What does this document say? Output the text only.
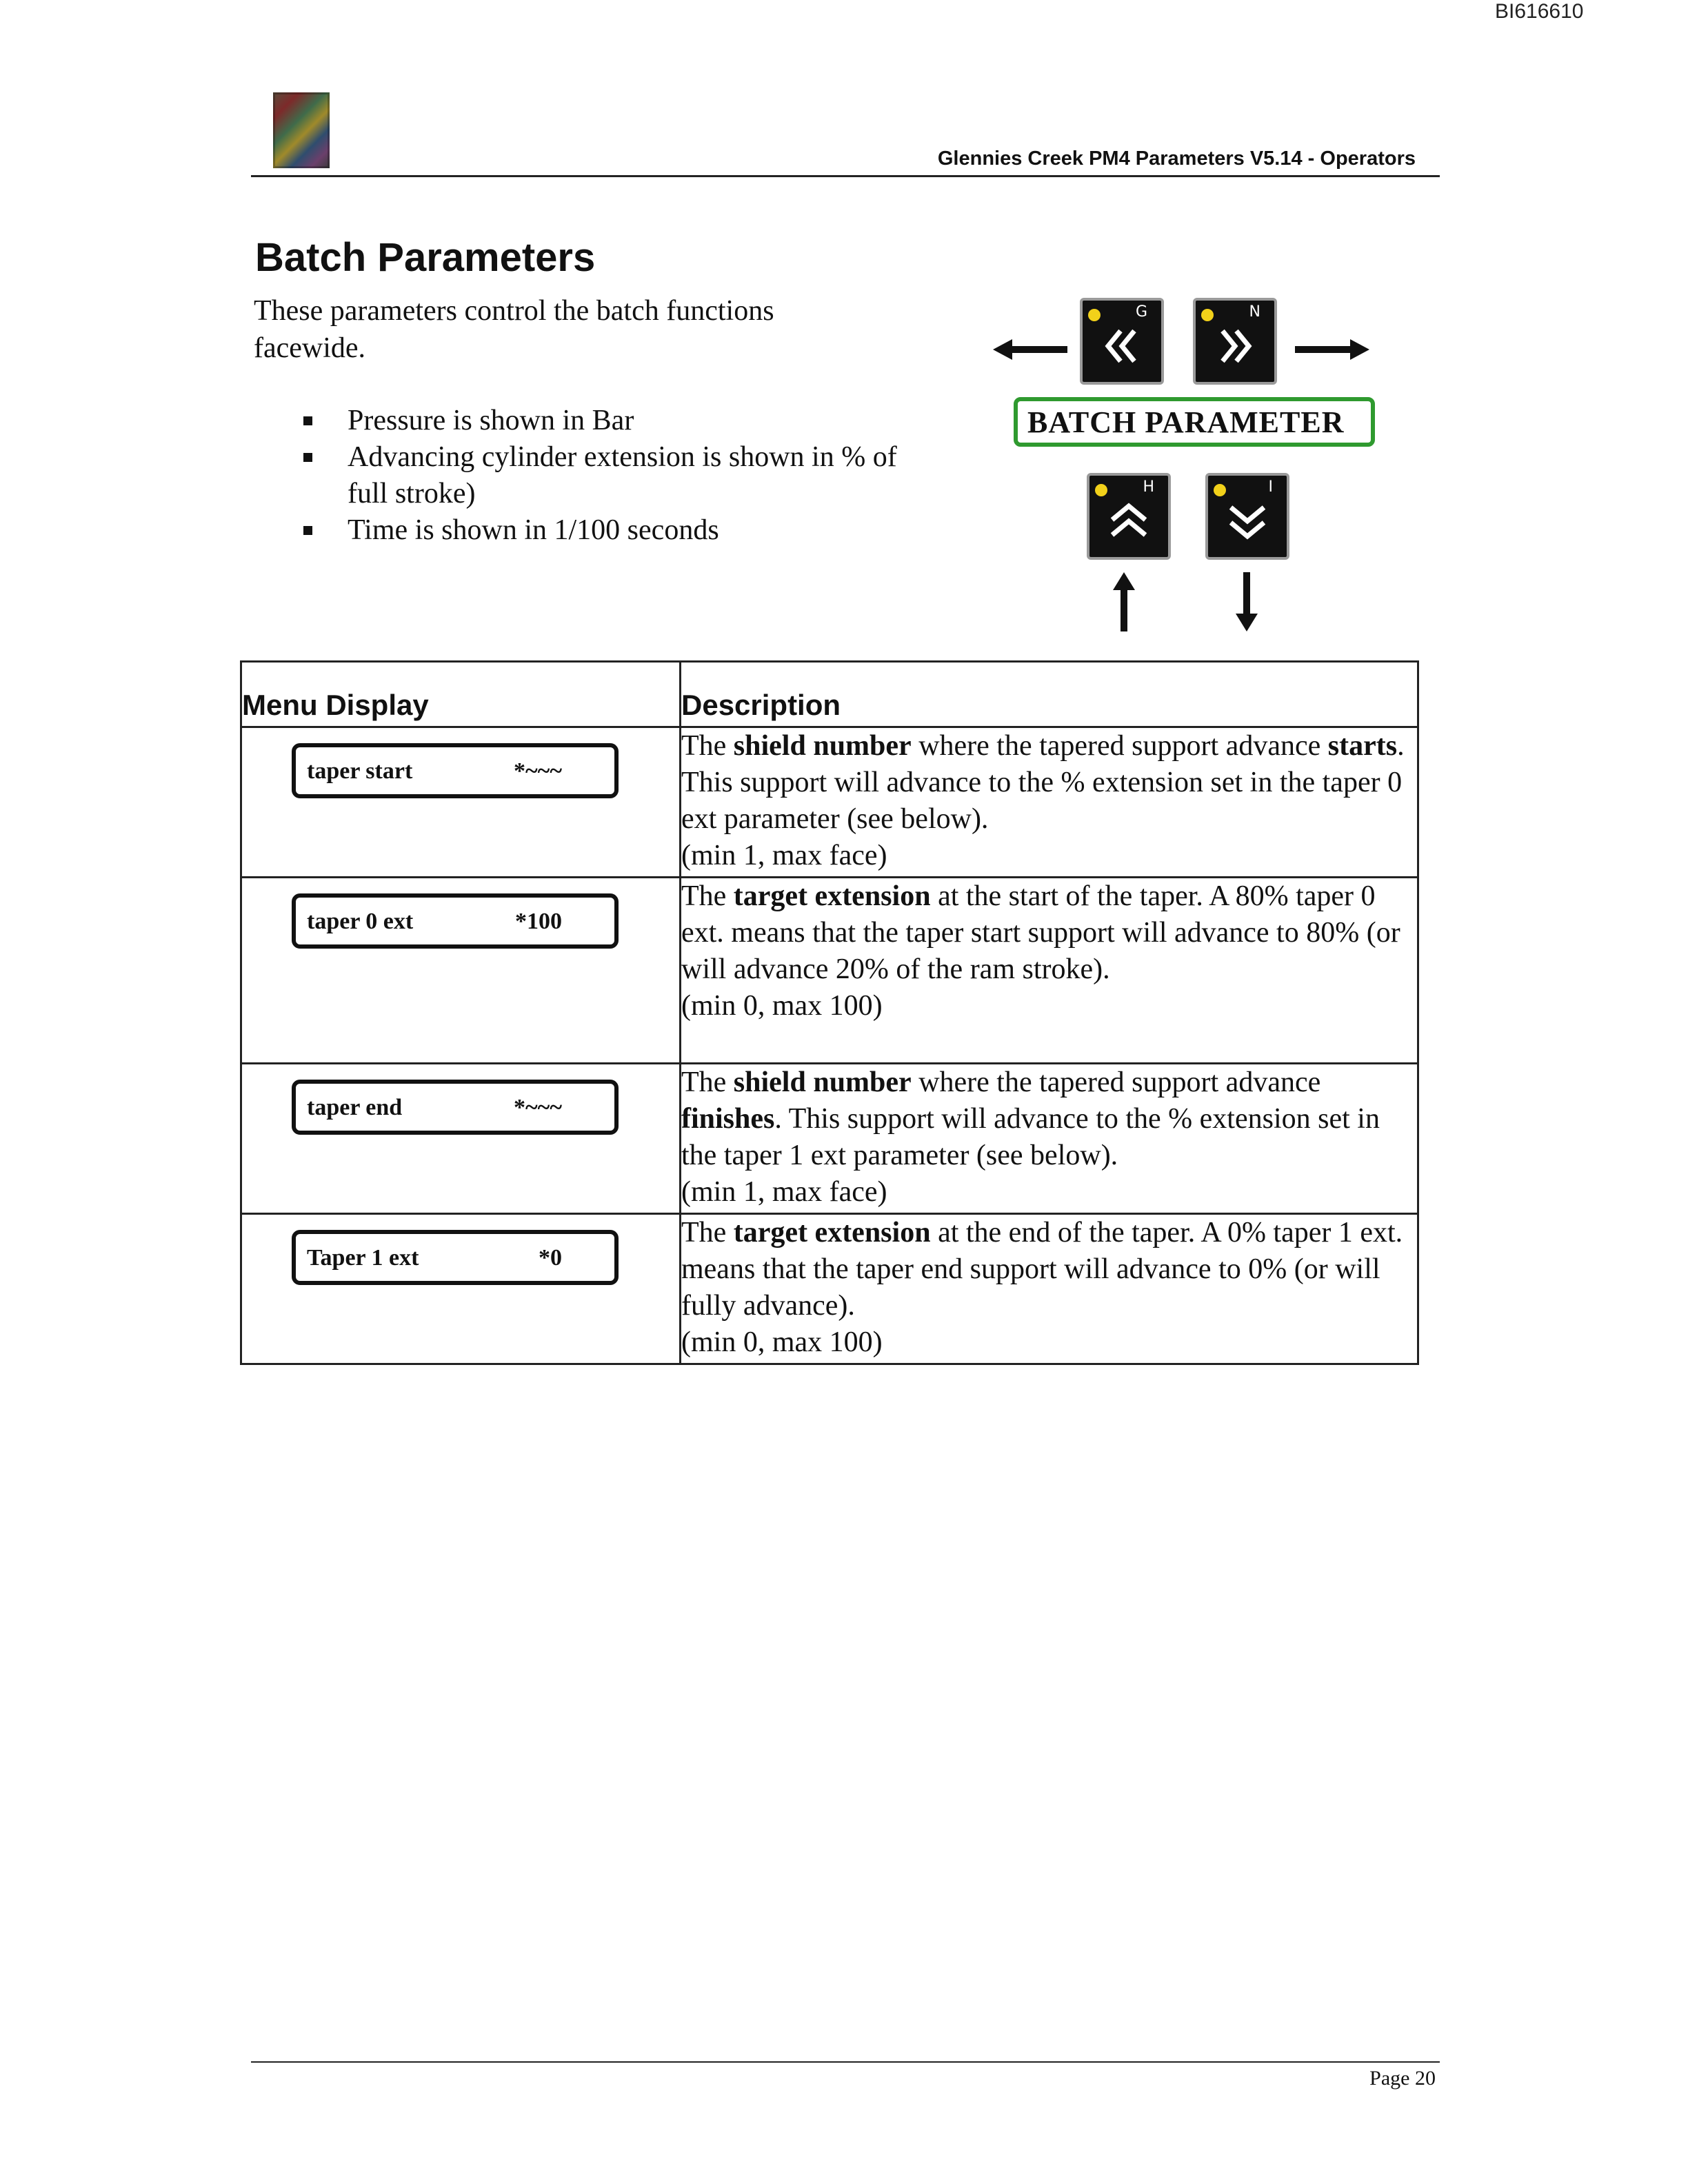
BI616610
Glennies Creek PM4 Parameters V5.14 - Operators
Batch Parameters
These parameters control the batch functions facewide.
Pressure is shown in Bar
Advancing cylinder extension is shown in % of full stroke)
Time is shown in 1/100 seconds
G	N
BATCH PARAMETER
H	I
Menu Display	Description

taper start *~~~	The shield number where the tapered support advance starts. This support will advance to the % extension set in the taper 0 ext parameter (see below).
(min 1, max face)

taper 0 ext *100	The target extension at the start of the taper. A 80% taper 0 ext. means that the taper start support will advance to 80% (or will advance 20% of the ram stroke).
(min 0, max 100)

taper end *~~~	The shield number where the tapered support advance finishes. This support will advance to the % extension set in the taper 1 ext parameter (see below).
(min 1, max face)

Taper 1 ext *0	The target extension at the end of the taper. A 0% taper 1 ext. means that the taper end support will advance to 0% (or will fully advance).
(min 0, max 100)
Page 20
